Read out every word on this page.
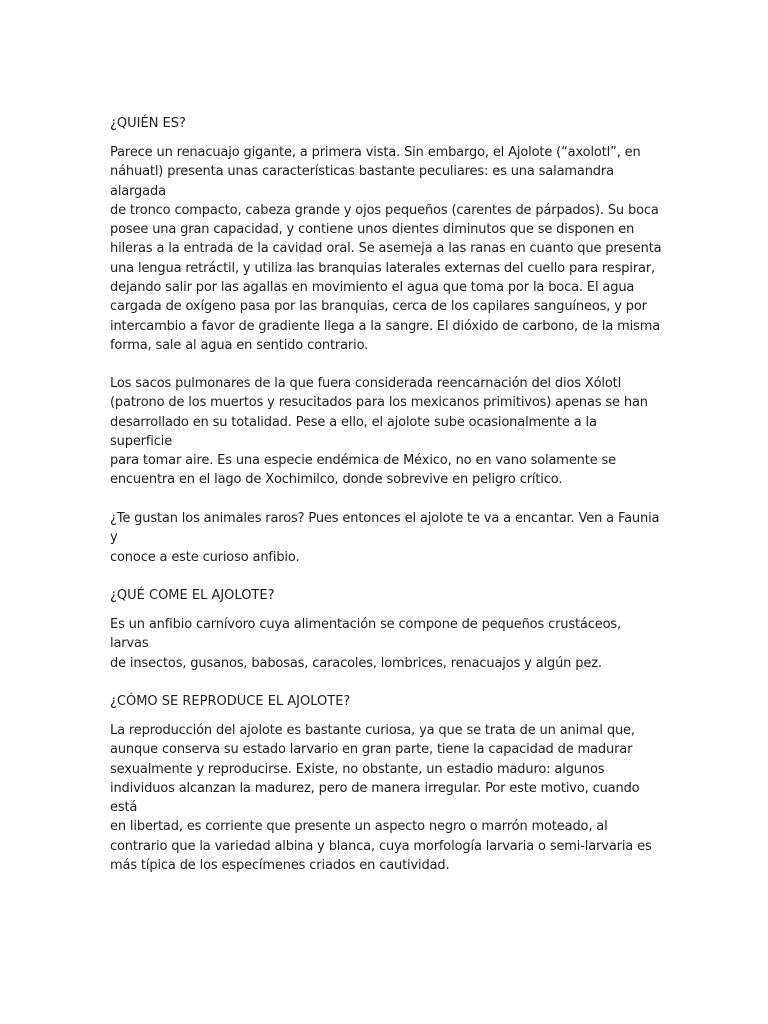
¿QUIÉN ES?

Parece un renacuajo gigante, a primera vista. Sin embargo, el Ajolote (“axolotl”, en
náhuatl) presenta unas características bastante peculiares: es una salamandra alargada
de tronco compacto, cabeza grande y ojos pequeños (carentes de párpados). Su boca
posee una gran capacidad, y contiene unos dientes diminutos que se disponen en
hileras a la entrada de la cavidad oral. Se asemeja a las ranas en cuanto que presenta
una lengua retráctil, y utiliza las branquias laterales externas del cuello para respirar,
dejando salir por las agallas en movimiento el agua que toma por la boca. El agua
cargada de oxígeno pasa por las branquias, cerca de los capilares sanguíneos, y por
intercambio a favor de gradiente llega a la sangre. El dióxido de carbono, de la misma
forma, sale al agua en sentido contrario.

Los sacos pulmonares de la que fuera considerada reencarnación del dios Xólotl
(patrono de los muertos y resucitados para los mexicanos primitivos) apenas se han
desarrollado en su totalidad. Pese a ello, el ajolote sube ocasionalmente a la superficie
para tomar aire. Es una especie endémica de México, no en vano solamente se
encuentra en el lago de Xochimilco, donde sobrevive en peligro crítico.

¿Te gustan los animales raros? Pues entonces el ajolote te va a encantar. Ven a Faunia y
conoce a este curioso anfibio.

¿QUÉ COME EL AJOLOTE?

Es un anfibio carnívoro cuya alimentación se compone de pequeños crustáceos, larvas
de insectos, gusanos, babosas, caracoles, lombrices, renacuajos y algún pez.

¿CÓMO SE REPRODUCE EL AJOLOTE?

La reproducción del ajolote es bastante curiosa, ya que se trata de un animal que,
aunque conserva su estado larvario en gran parte, tiene la capacidad de madurar
sexualmente y reproducirse. Existe, no obstante, un estadio maduro: algunos
individuos alcanzan la madurez, pero de manera irregular. Por este motivo, cuando está
en libertad, es corriente que presente un aspecto negro o marrón moteado, al
contrario que la variedad albina y blanca, cuya morfología larvaria o semi-larvaria es
más típica de los especímenes criados en cautividad.
